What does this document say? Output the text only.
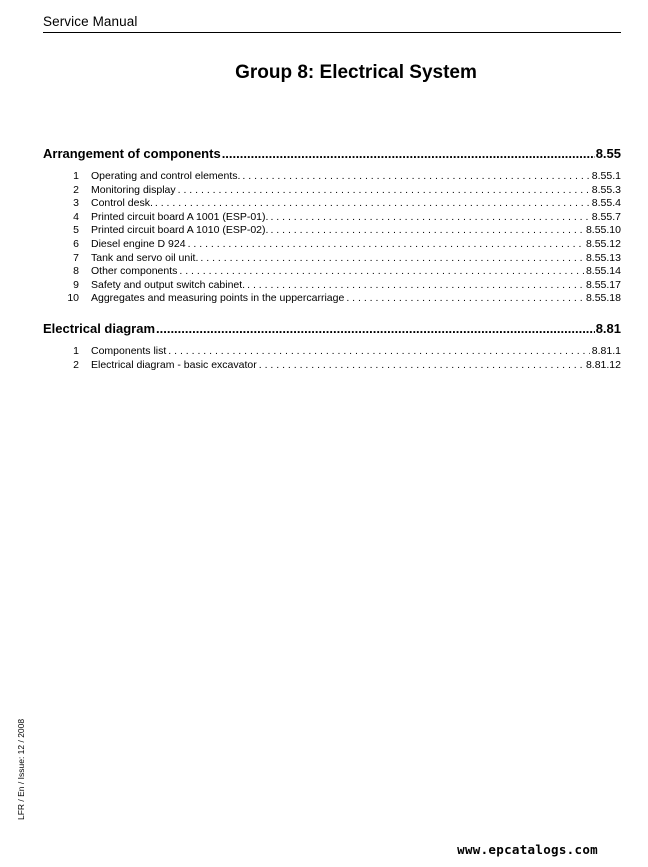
Service Manual
Group 8: Electrical System
Arrangement of components .....	8.55
1 Operating and control elements. . . .	8.55.1
2 Monitoring display . . .	8.55.3
3 Control desk. . . .	8.55.4
4 Printed circuit board A 1001 (ESP-01). . . .	8.55.7
5 Printed circuit board A 1010 (ESP-02). . . .	8.55.10
6 Diesel engine D 924 . . .	8.55.12
7 Tank and servo oil unit. . . .	8.55.13
8 Other components . . .	8.55.14
9 Safety and output switch cabinet. . . .	8.55.17
10 Aggregates and measuring points in the uppercarriage . . .	8.55.18
Electrical diagram .....	8.81
1 Components list . . .	8.81.1
2 Electrical diagram - basic excavator . . .	8.81.12
LFR / En / Issue: 12 / 2008
www.epcatalogs.com
